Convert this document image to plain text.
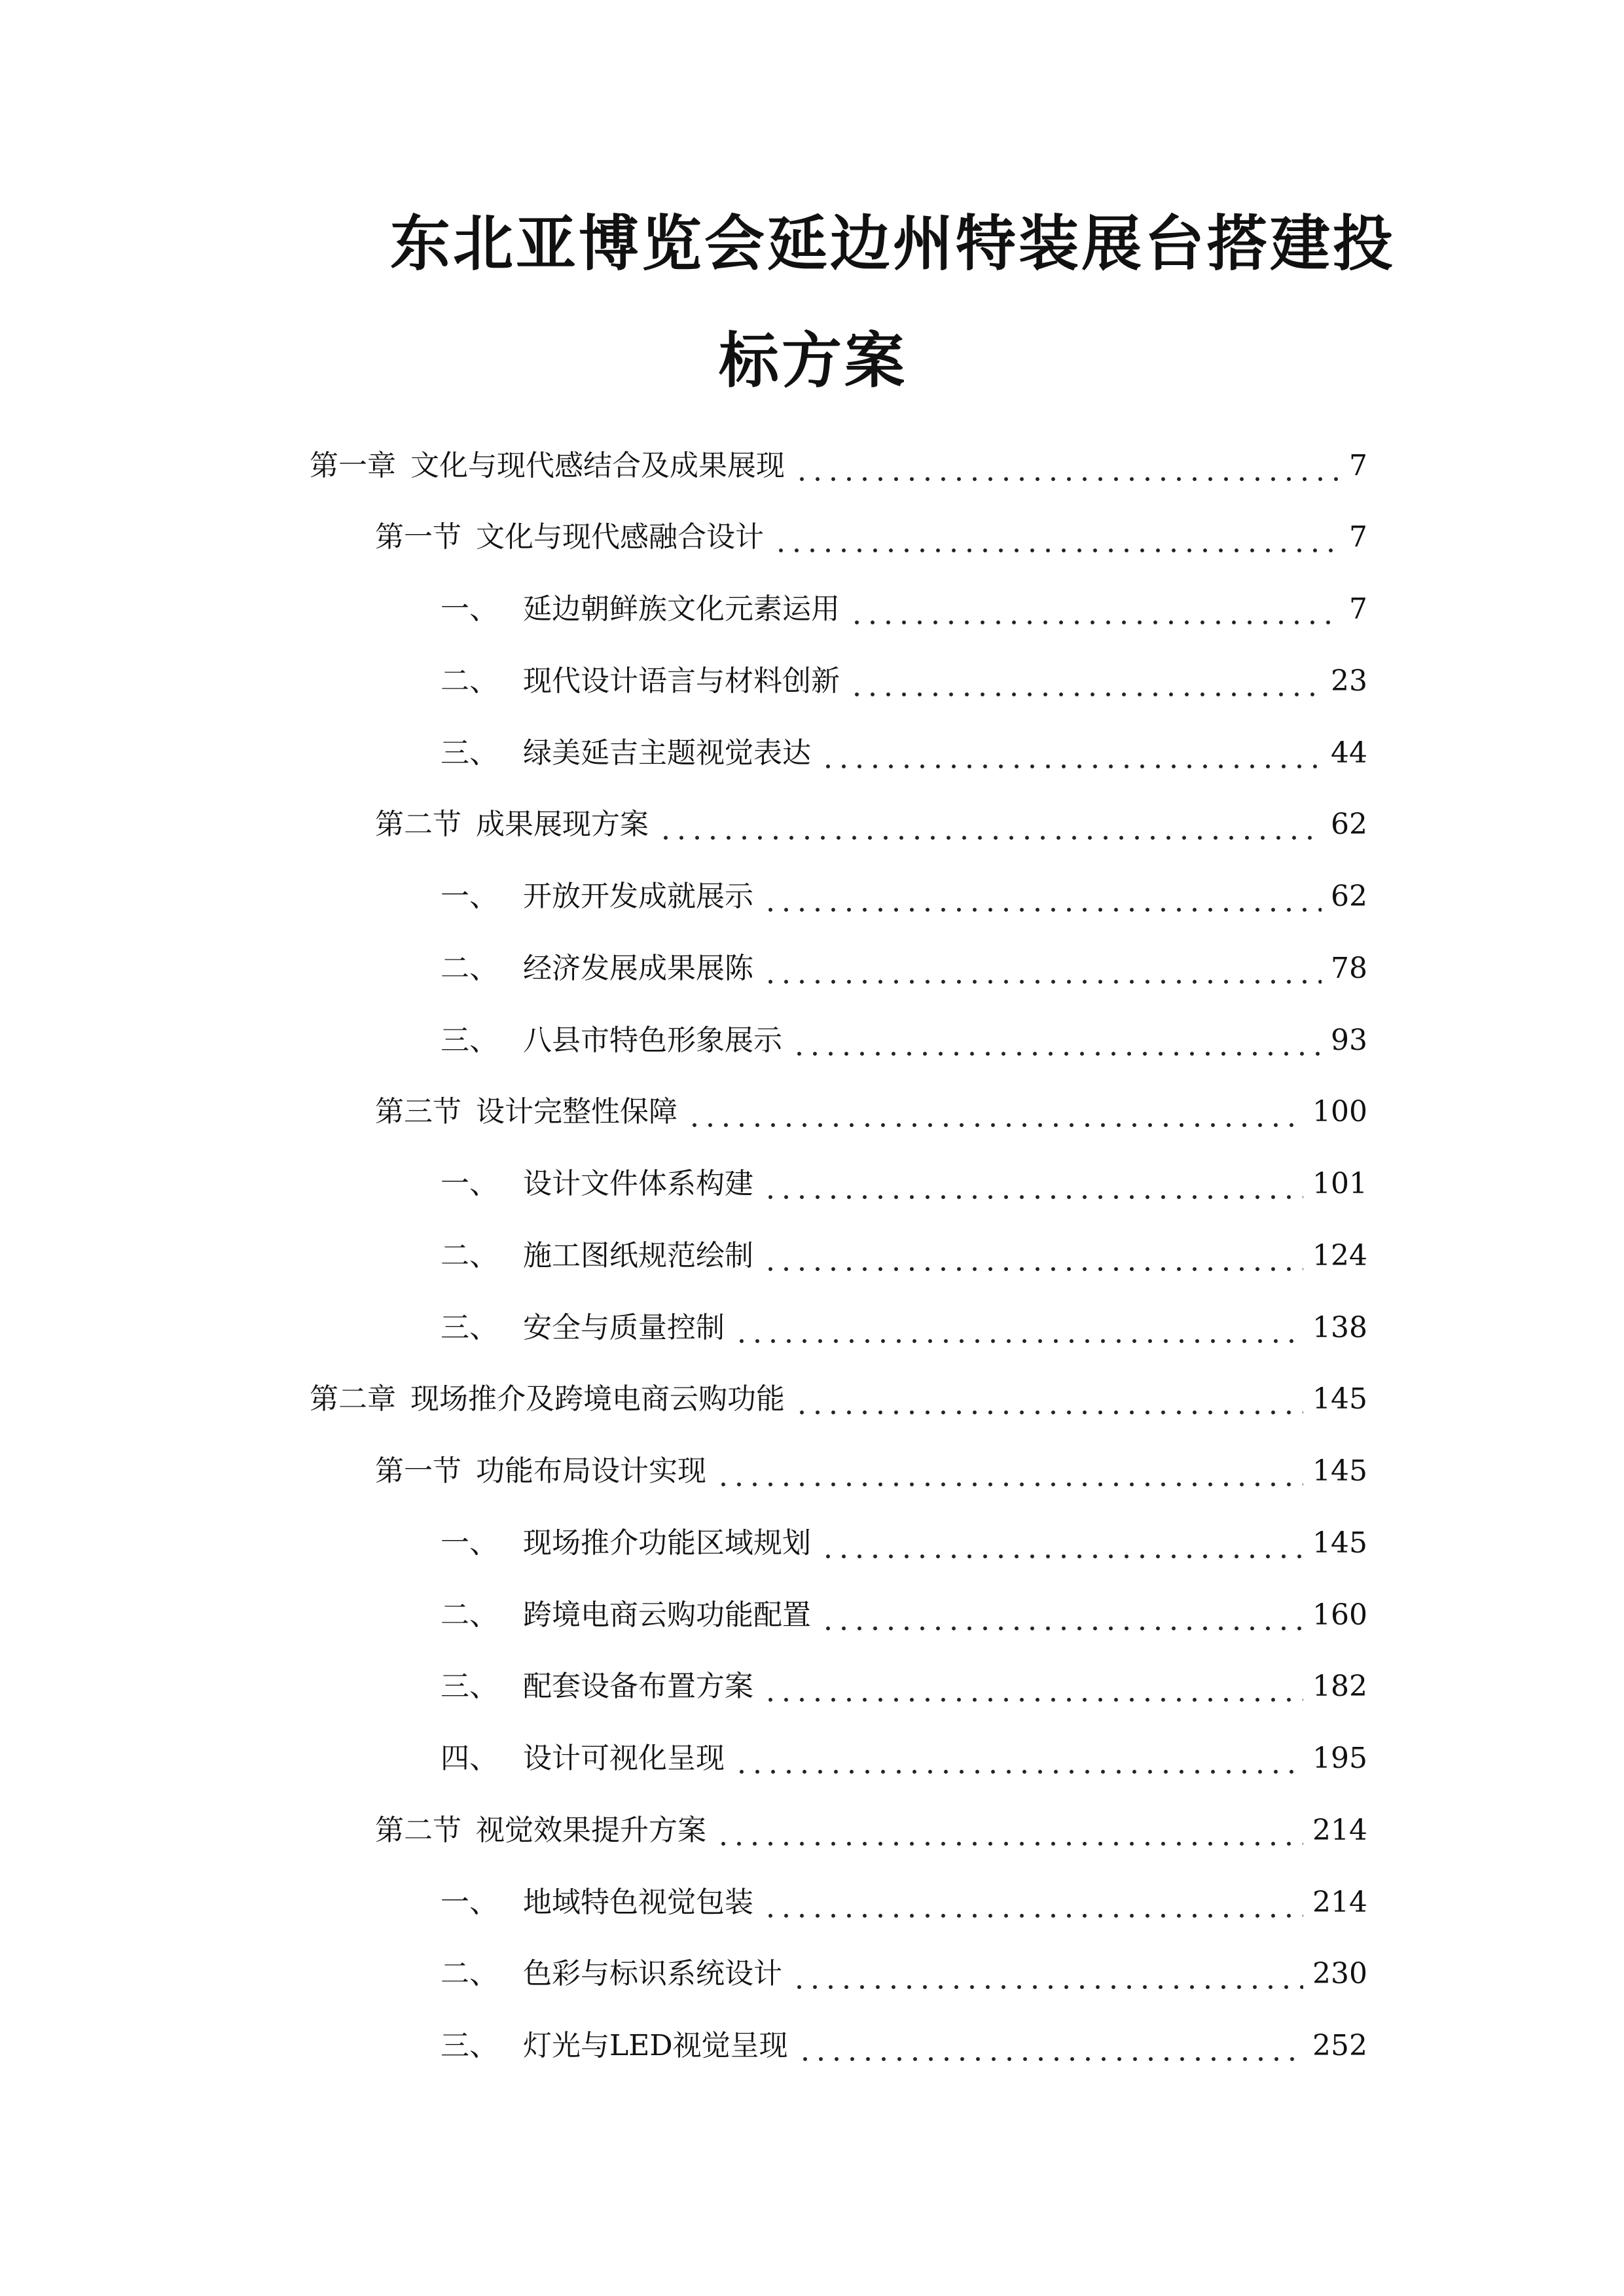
东北亚博览会延边州特装展台搭建投
标方案
第一章 文化与现代感结合及成果展现	7
第一节 文化与现代感融合设计	7
一、 延边朝鲜族文化元素运用	7
二、 现代设计语言与材料创新	23
三、 绿美延吉主题视觉表达	44
第二节 成果展现方案	62
一、 开放开发成就展示	62
二、 经济发展成果展陈	78
三、 八县市特色形象展示	93
第三节 设计完整性保障	100
一、 设计文件体系构建	101
二、 施工图纸规范绘制	124
三、 安全与质量控制	138
第二章 现场推介及跨境电商云购功能	145
第一节 功能布局设计实现	145
一、 现场推介功能区域规划	145
二、 跨境电商云购功能配置	160
三、 配套设备布置方案	182
四、 设计可视化呈现	195
第二节 视觉效果提升方案	214
一、 地域特色视觉包装	214
二、 色彩与标识系统设计	230
三、 灯光与LED视觉呈现	252
